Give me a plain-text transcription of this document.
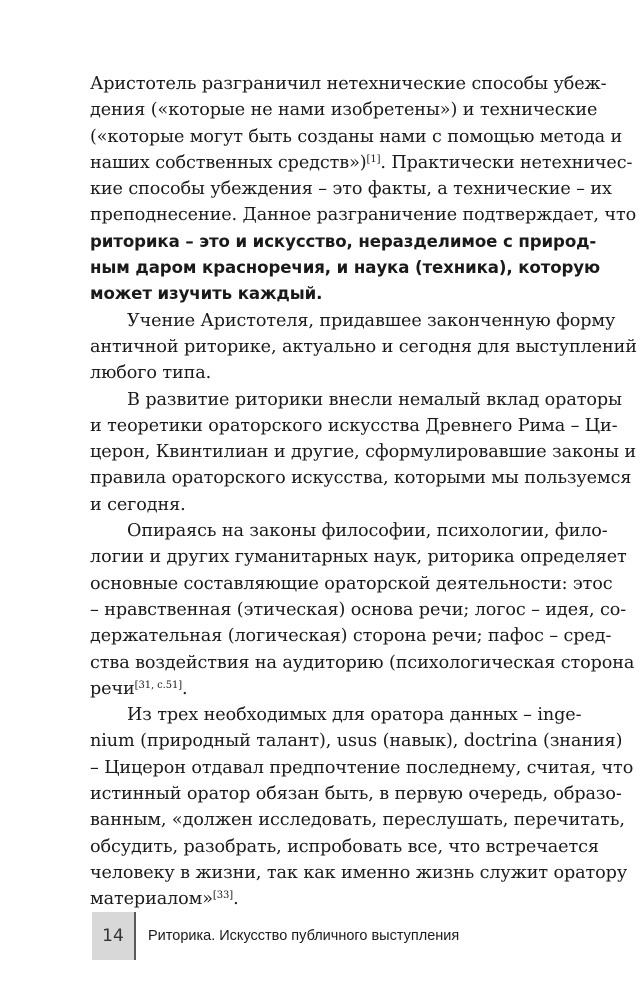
Аристотель разграничил нетехнические способы убеж-
дения («которые не нами изобретены») и технические
(«которые могут быть созданы нами с помощью метода и
наших собственных средств»)[1]. Практически нетехничес-
кие способы убеждения – это факты, а технические – их
преподнесение. Данное разграничение подтверждает, что
риторика – это и искусство, неразделимое с природ-
ным даром красноречия, и наука (техника), которую
может изучить каждый.
Учение Аристотеля, придавшее законченную форму
античной риторике, актуально и сегодня для выступлений
любого типа.
В развитие риторики внесли немалый вклад ораторы
и теоретики ораторского искусства Древнего Рима – Ци-
церон, Квинтилиан и другие, сформулировавшие законы и
правила ораторского искусства, которыми мы пользуемся
и сегодня.
Опираясь на законы философии, психологии, фило-
логии и других гуманитарных наук, риторика определяет
основные составляющие ораторской деятельности: этос
– нравственная (этическая) основа речи; логос – идея, со-
держательная (логическая) сторона речи; пафос – сред-
ства воздействия на аудиторию (психологическая сторона
речи[31, с.51].
Из трех необходимых для оратора данных – inge-
nium (природный талант), usus (навык), doctrina (знания)
– Цицерон отдавал предпочтение последнему, считая, что
истинный оратор обязан быть, в первую очередь, образо-
ванным, «должен исследовать, переслушать, перечитать,
обсудить, разобрать, испробовать все, что встречается
человеку в жизни, так как именно жизнь служит оратору
материалом»[33].
14	Риторика. Искусство публичного выступления
